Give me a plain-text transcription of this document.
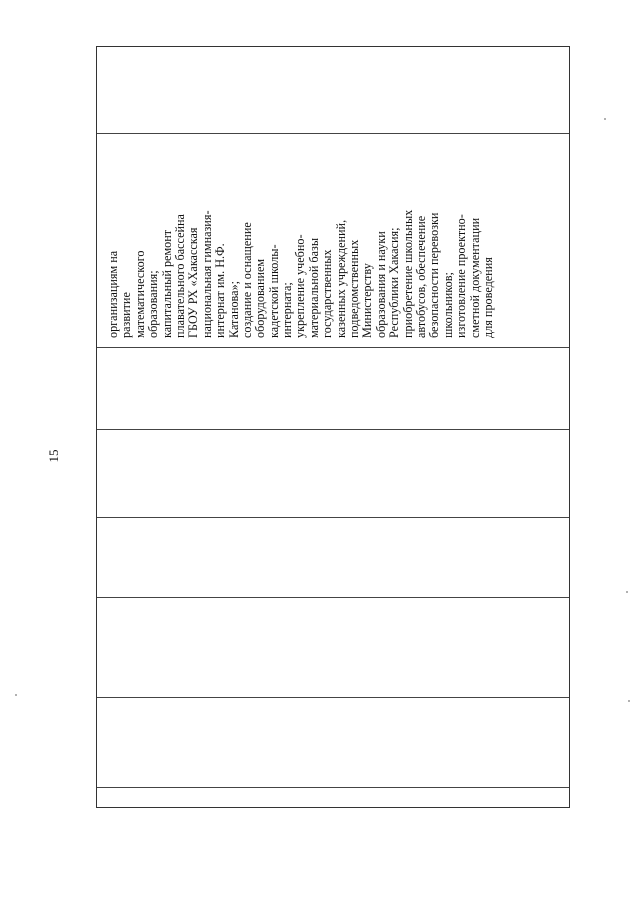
15
организациям на развитие математического образования; капитальный ремонт плавательного бассейна ГБОУ РХ «Хакасская национальная гимназия- интернат им. Н.Ф. Катанова»; создание и оснащение оборудованием кадетской школы- интерната; укрепление учебно- материальной базы государственных казенных учреждений, подведомственных Министерству образования и науки Республики Хакасия; приобретение школьных автобусов, обеспечение безопасности перевозки школьников; изготовление проектно- сметной документации для проведения
